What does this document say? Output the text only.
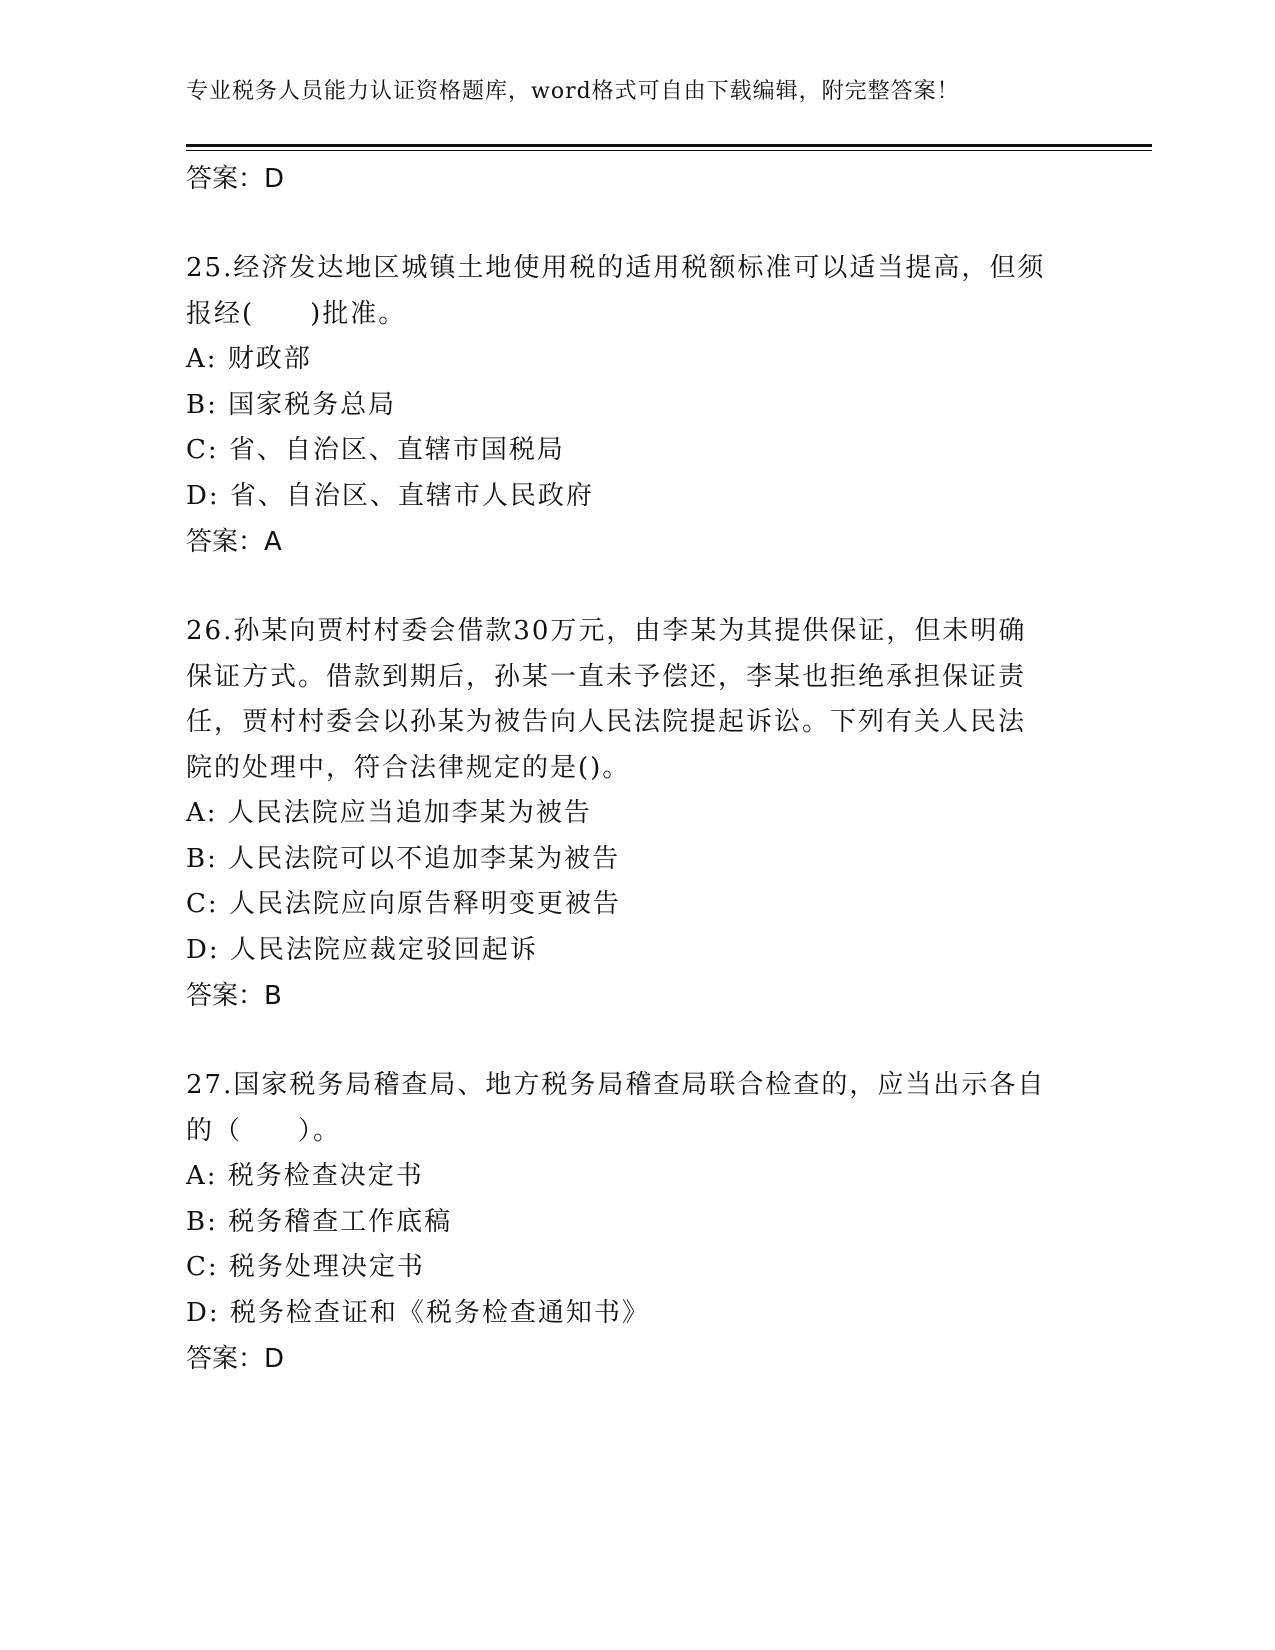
专业税务人员能力认证资格题库，word格式可自由下载编辑，附完整答案！
答案：D
25.经济发达地区城镇土地使用税的适用税额标准可以适当提高，但须
报经(　　)批准。
A: 财政部
B: 国家税务总局
C: 省、自治区、直辖市国税局
D: 省、自治区、直辖市人民政府
答案：A
26.孙某向贾村村委会借款30万元，由李某为其提供保证，但未明确
保证方式。借款到期后，孙某一直未予偿还，李某也拒绝承担保证责
任，贾村村委会以孙某为被告向人民法院提起诉讼。下列有关人民法
院的处理中，符合法律规定的是()。
A: 人民法院应当追加李某为被告
B: 人民法院可以不追加李某为被告
C: 人民法院应向原告释明变更被告
D: 人民法院应裁定驳回起诉
答案：B
27.国家税务局稽查局、地方税务局稽查局联合检查的，应当出示各自
的（　　）。
A: 税务检查决定书
B: 税务稽查工作底稿
C: 税务处理决定书
D: 税务检查证和《税务检查通知书》
答案：D
